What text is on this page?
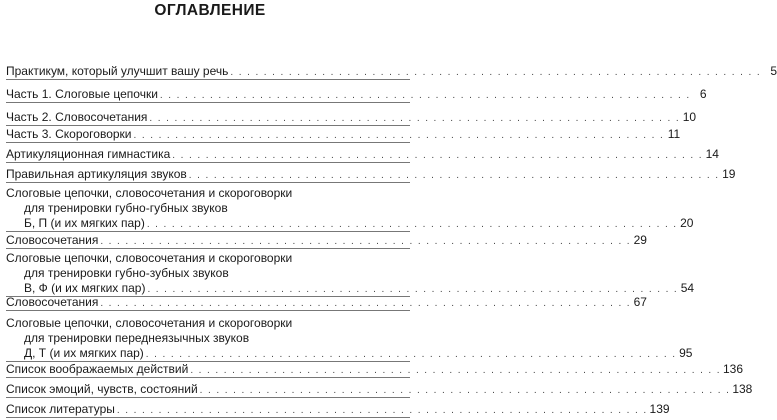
ОГЛАВЛЕНИЕ
Практикум, который улучшит вашу речь . . . . . . . . . . . . . . . . . . . . . . . . . . . . . . . . . . . . . . . . . . . . . . . . . . . . . . . . . . . . . . . . 5
Часть 1. Слоговые цепочки . . . . . . . . . . . . . . . . . . . . . . . . . . . . . . . . . . . . . . . . . . . . . . . . . . . . . . . . . . . . . . . . 6
Часть 2. Словосочетания . . . . . . . . . . . . . . . . . . . . . . . . . . . . . . . . . . . . . . . . . . . . . . . . . . . . . . . . . . . . . . . . 10
Часть 3. Скороговорки . . . . . . . . . . . . . . . . . . . . . . . . . . . . . . . . . . . . . . . . . . . . . . . . . . . . . . . . . . . . . . . . 11
Артикуляционная гимнастика . . . . . . . . . . . . . . . . . . . . . . . . . . . . . . . . . . . . . . . . . . . . . . . . . . . . . . . . . . . . . . . . 14
Правильная артикуляция звуков . . . . . . . . . . . . . . . . . . . . . . . . . . . . . . . . . . . . . . . . . . . . . . . . . . . . . . . . . . . . . . . . 19
Слоговые цепочки, словосочетания и скороговорки
для тренировки губно-губных звуков
Б, П (и их мягких пар) . . . . . . . . . . . . . . . . . . . . . . . . . . . . . . . . . . . . . . . . . . . . . . . . . . . . . . . . . . . . . . . . 20
Словосочетания . . . . . . . . . . . . . . . . . . . . . . . . . . . . . . . . . . . . . . . . . . . . . . . . . . . . . . . . . . . . . . . . 29
Слоговые цепочки, словосочетания и скороговорки
для тренировки губно-зубных звуков
В, Ф (и их мягких пар) . . . . . . . . . . . . . . . . . . . . . . . . . . . . . . . . . . . . . . . . . . . . . . . . . . . . . . . . . . . . . . . . 54
Словосочетания . . . . . . . . . . . . . . . . . . . . . . . . . . . . . . . . . . . . . . . . . . . . . . . . . . . . . . . . . . . . . . . . 67
Слоговые цепочки, словосочетания и скороговорки
для тренировки переднеязычных звуков
Д, Т (и их мягких пар) . . . . . . . . . . . . . . . . . . . . . . . . . . . . . . . . . . . . . . . . . . . . . . . . . . . . . . . . . . . . . . . . 95
Список воображаемых действий . . . . . . . . . . . . . . . . . . . . . . . . . . . . . . . . . . . . . . . . . . . . . . . . . . . . . . . . . . . . . . . . 136
Список эмоций, чувств, состояний . . . . . . . . . . . . . . . . . . . . . . . . . . . . . . . . . . . . . . . . . . . . . . . . . . . . . . . . . . . . . . . . 138
Список литературы . . . . . . . . . . . . . . . . . . . . . . . . . . . . . . . . . . . . . . . . . . . . . . . . . . . . . . . . . . . . . . . . 139
